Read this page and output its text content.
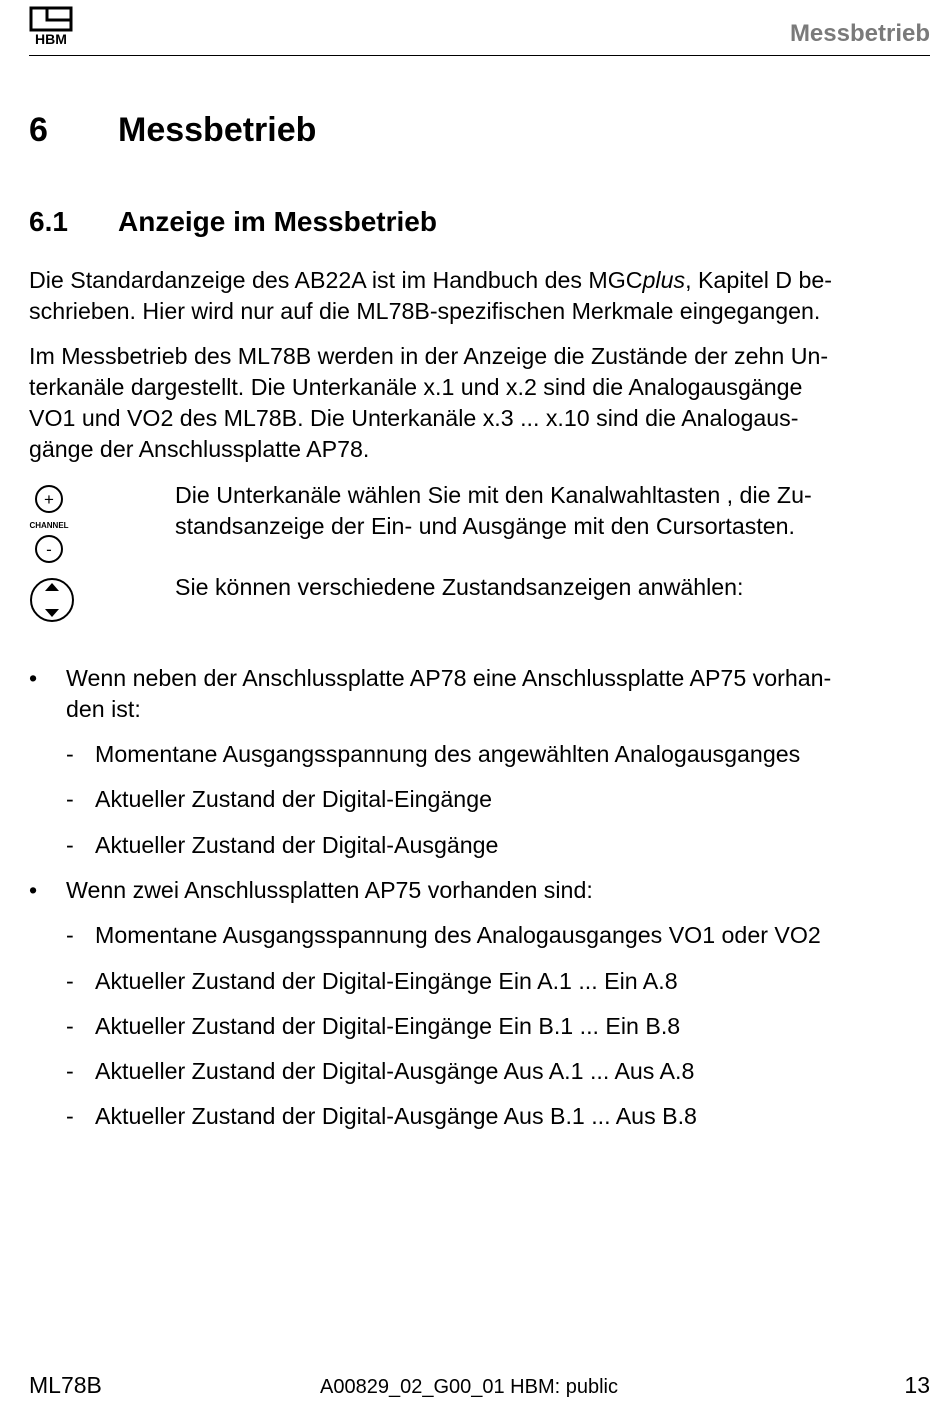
HBM	Messbetrieb
6 Messbetrieb
6.1 Anzeige im Messbetrieb
Die Standardanzeige des AB22A ist im Handbuch des MGCplus, Kapitel D be-
schrieben. Hier wird nur auf die ML78B-spezifischen Merkmale eingegangen.
Im Messbetrieb des ML78B werden in der Anzeige die Zustände der zehn Un-
terkanäle dargestellt. Die Unterkanäle x.1 und x.2 sind die Analogausgänge
VO1 und VO2 des ML78B. Die Unterkanäle x.3 ... x.10 sind die Analogaus-
gänge der Anschlussplatte AP78.
+
CHANNEL
-
Die Unterkanäle wählen Sie mit den Kanalwahltasten , die Zu-
standsanzeige der Ein- und Ausgänge mit den Cursortasten.
Sie können verschiedene Zustandsanzeigen anwählen:
• Wenn neben der Anschlussplatte AP78 eine Anschlussplatte AP75 vorhan-
den ist:
- Momentane Ausgangsspannung des angewählten Analogausganges
- Aktueller Zustand der Digital-Eingänge
- Aktueller Zustand der Digital-Ausgänge
• Wenn zwei Anschlussplatten AP75 vorhanden sind:
- Momentane Ausgangsspannung des Analogausganges VO1 oder VO2
- Aktueller Zustand der Digital-Eingänge Ein A.1 ... Ein A.8
- Aktueller Zustand der Digital-Eingänge Ein B.1 ... Ein B.8
- Aktueller Zustand der Digital-Ausgänge Aus A.1 ... Aus A.8
- Aktueller Zustand der Digital-Ausgänge Aus B.1 ... Aus B.8
ML78B	A00829_02_G00_01 HBM: public	13
